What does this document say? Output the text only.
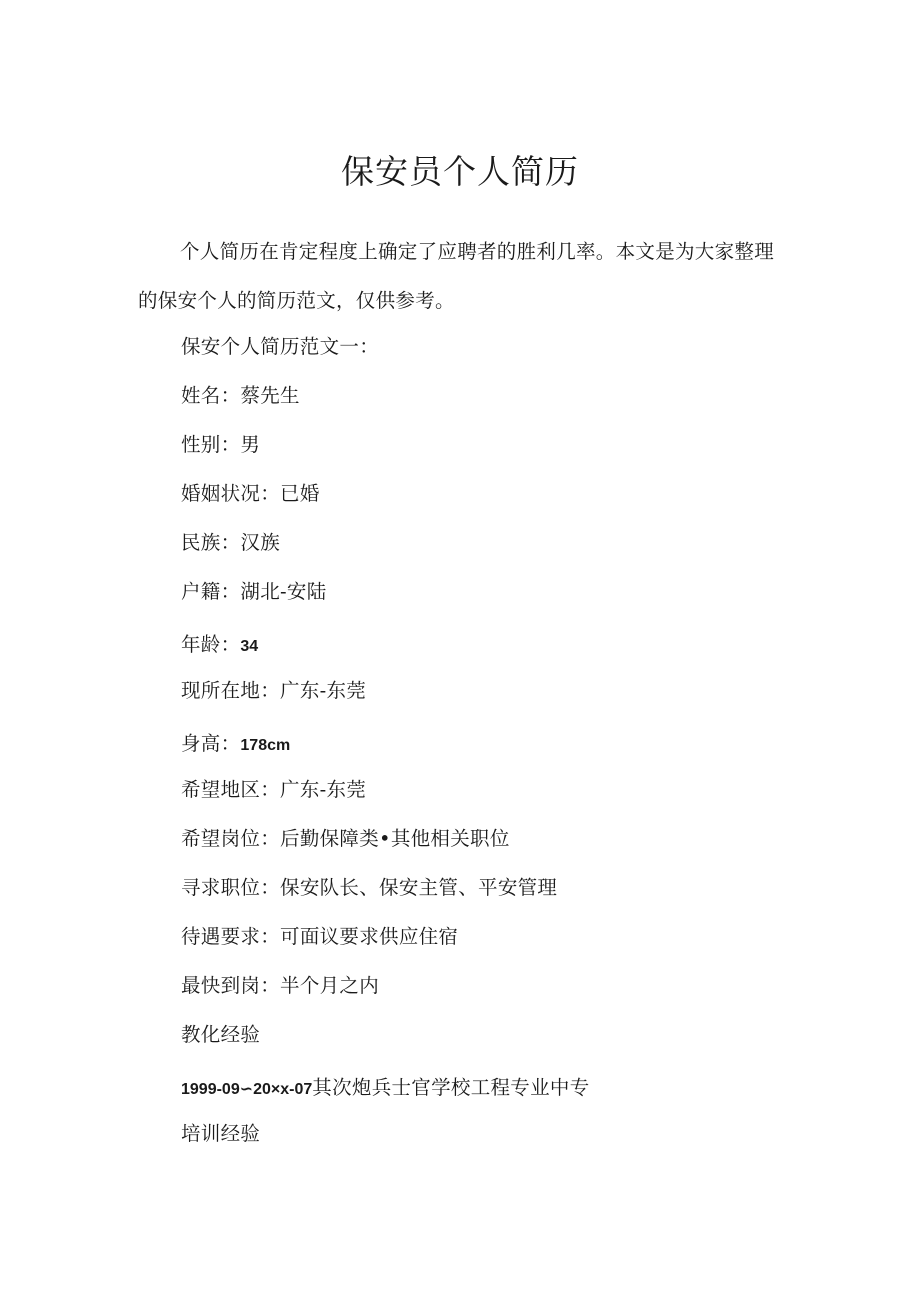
保安员个人简历

个人简历在肯定程度上确定了应聘者的胜利几率。本文是为大家整理的保安个人的简历范文，仅供参考。

保安个人简历范文一：

姓名：蔡先生

性别：男

婚姻状况：已婚

民族：汉族

户籍：湖北-安陆

年龄：34

现所在地：广东-东莞

身高：178cm

希望地区：广东-东莞

希望岗位：后勤保障类•其他相关职位

寻求职位：保安队长、保安主管、平安管理

待遇要求：可面议要求供应住宿

最快到岗：半个月之内

教化经验

1999-09∽20×x-07其次炮兵士官学校工程专业中专

培训经验
